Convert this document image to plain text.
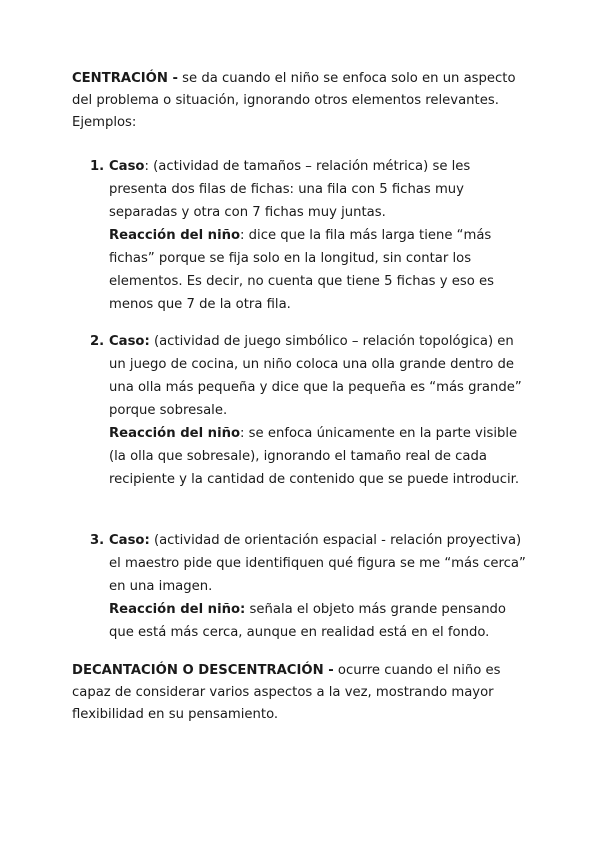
CENTRACIÓN - se da cuando el niño se enfoca solo en un aspecto del problema o situación, ignorando otros elementos relevantes. Ejemplos:

1. Caso: (actividad de tamaños – relación métrica) se les presenta dos filas de fichas: una fila con 5 fichas muy separadas y otra con 7 fichas muy juntas.
Reacción del niño: dice que la fila más larga tiene “más fichas” porque se fija solo en la longitud, sin contar los elementos. Es decir, no cuenta que tiene 5 fichas y eso es menos que 7 de la otra fila.
2. Caso: (actividad de juego simbólico – relación topológica) en un juego de cocina, un niño coloca una olla grande dentro de una olla más pequeña y dice que la pequeña es “más grande” porque sobresale.
Reacción del niño: se enfoca únicamente en la parte visible (la olla que sobresale), ignorando el tamaño real de cada recipiente y la cantidad de contenido que se puede introducir.
3. Caso: (actividad de orientación espacial - relación proyectiva) el maestro pide que identifiquen qué figura se me “más cerca” en una imagen.
Reacción del niño: señala el objeto más grande pensando que está más cerca, aunque en realidad está en el fondo.

DECANTACIÓN O DESCENTRACIÓN - ocurre cuando el niño es capaz de considerar varios aspectos a la vez, mostrando mayor flexibilidad en su pensamiento.
